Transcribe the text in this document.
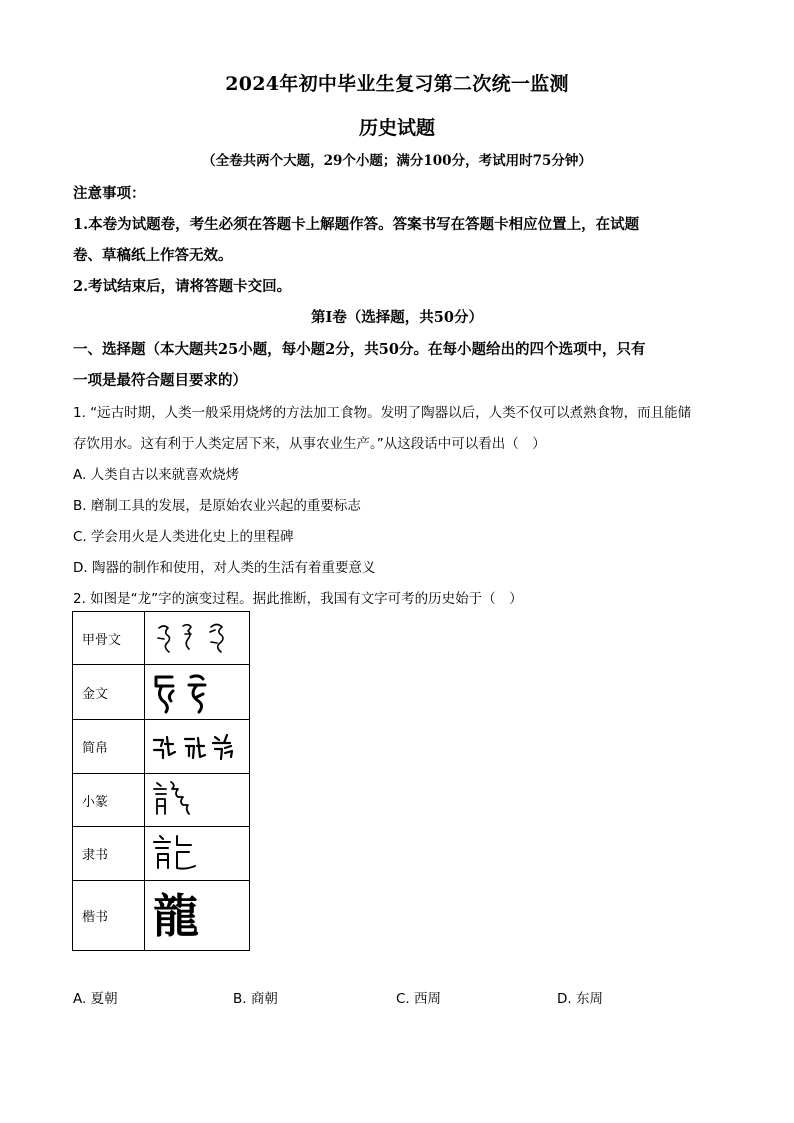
2024年初中毕业生复习第二次统一监测
历史试题
（全卷共两个大题，29个小题；满分100分，考试用时75分钟）
注意事项：
1.本卷为试题卷，考生必须在答题卡上解题作答。答案书写在答题卡相应位置上，在试题
卷、草稿纸上作答无效。
2.考试结束后，请将答题卡交回。
第I卷（选择题，共50分）
一、选择题（本大题共25小题，每小题2分，共50分。在每小题给出的四个选项中，只有
一项是最符合题目要求的）
1. “远古时期，人类一般采用烧烤的方法加工食物。发明了陶器以后，人类不仅可以煮熟食物，而且能储
存饮用水。这有利于人类定居下来，从事农业生产。”从这段话中可以看出（　）
A. 人类自古以来就喜欢烧烤
B. 磨制工具的发展，是原始农业兴起的重要标志
C. 学会用火是人类进化史上的里程碑
D. 陶器的制作和使用，对人类的生活有着重要意义
2. 如图是“龙”字的演变过程。据此推断，我国有文字可考的历史始于（　）
甲骨文	

金文	

简帛	

小篆	

隶书	

楷书	龍
A. 夏朝	B. 商朝	C. 西周	D. 东周
